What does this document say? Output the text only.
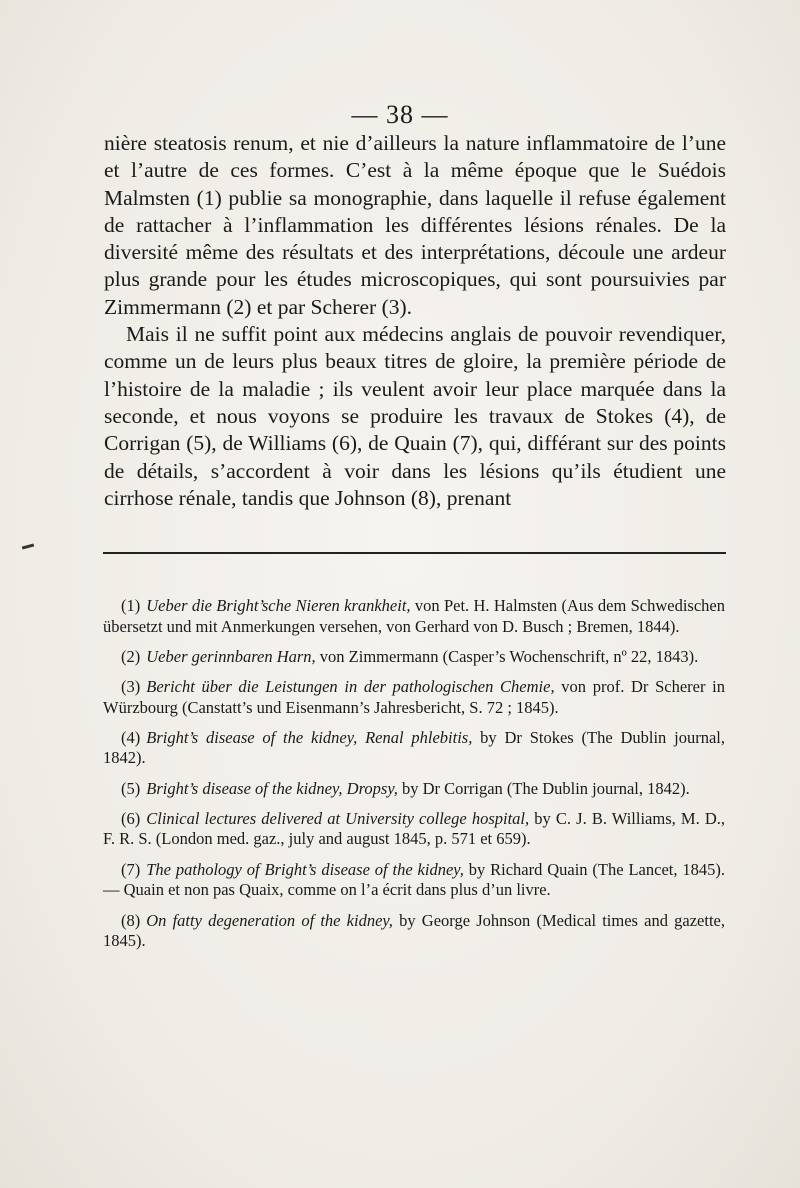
— 38 —

nière steatosis renum, et nie d’ailleurs la nature inflammatoire de l’une et l’autre de ces formes. C’est à la même époque que le Suédois Malmsten (1) publie sa monographie, dans laquelle il refuse également de rattacher à l’inflammation les différentes lésions rénales. De la diversité même des résultats et des interprétations, découle une ardeur plus grande pour les études microscopiques, qui sont poursuivies par Zimmermann (2) et par Scherer (3).

Mais il ne suffit point aux médecins anglais de pouvoir revendiquer, comme un de leurs plus beaux titres de gloire, la première période de l’histoire de la maladie ; ils veulent avoir leur place marquée dans la seconde, et nous voyons se produire les travaux de Stokes (4), de Corrigan (5), de Williams (6), de Quain (7), qui, différant sur des points de détails, s’accordent à voir dans les lésions qu’ils étudient une cirrhose rénale, tandis que Johnson (8), prenant

(1) Ueber die Bright’sche Nieren krankheit, von Pet. H. Halmsten (Aus dem Schwedischen übersetzt und mit Anmerkungen versehen, von Gerhard von D. Busch ; Bremen, 1844).

(2) Ueber gerinnbaren Harn, von Zimmermann (Casper’s Wochenschrift, nº 22, 1843).

(3) Bericht über die Leistungen in der pathologischen Chemie, von prof. Dr Scherer in Würzbourg (Canstatt’s und Eisenmann’s Jahresbericht, S. 72 ; 1845).

(4) Bright’s disease of the kidney, Renal phlebitis, by Dr Stokes (The Dublin journal, 1842).

(5) Bright’s disease of the kidney, Dropsy, by Dr Corrigan (The Dublin journal, 1842).

(6) Clinical lectures delivered at University college hospital, by C. J. B. Williams, M. D., F. R. S. (London med. gaz., july and august 1845, p. 571 et 659).

(7) The pathology of Bright’s disease of the kidney, by Richard Quain (The Lancet, 1845). — Quain et non pas Quaix, comme on l’a écrit dans plus d’un livre.

(8) On fatty degeneration of the kidney, by George Johnson (Medical times and gazette, 1845).
